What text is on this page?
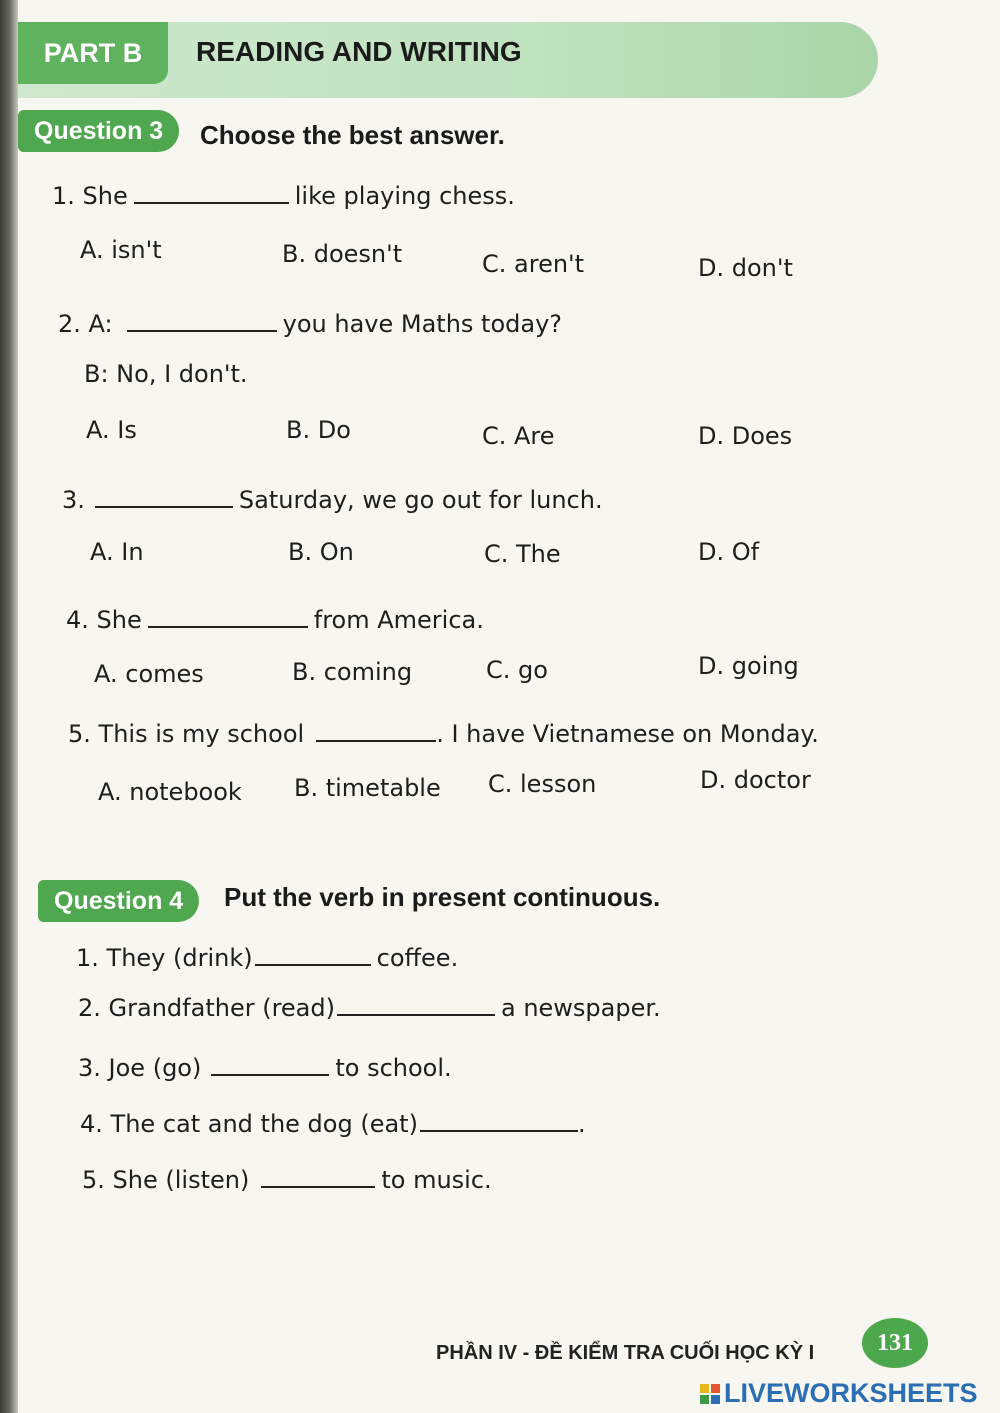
PART B	READING AND WRITING
Question 3	Choose the best answer.
1.
She	like playing chess.
A. isn't	B. doesn't	C. aren't	D. don't
2.
A:	you have Maths today?
B: No, I don't.
A. Is	B. Do	C. Are	D. Does
3.	Saturday, we go out for lunch.
A. In	B. On	C. The	D. Of
4.
She	from America.
A. comes	B. coming	C. go	D. going
5.
This is my school	. I have Vietnamese on Monday.
A. notebook B. timetable C. lesson	D. doctor
Question 4	Put the verb in present continuous.
1.
They (drink)	coffee.
2.
Grandfather (read)	a newspaper.
3.
Joe (go)	to school.
4.
The cat and the dog (eat)	.
5.
She (listen)	to music.
PHẦN IV - ĐỀ KIỂM TRA CUỐI HỌC KỲ I	131
LIVEWORKSHEETS
